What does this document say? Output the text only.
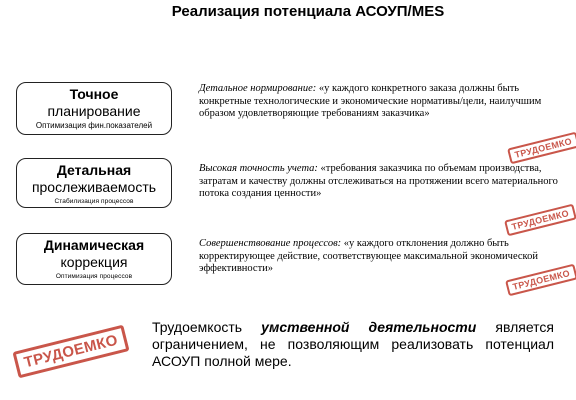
Реализация потенциала АСОУП/MES
Точное
планирование
Оптимизация фин.показателей
Детальное нормирование: «у каждого конкретного заказа должны быть конкретные технологические и экономические нормативы/цели, наилучшим образом удовлетворяющие требованиям заказчика»
ТРУДОЕМКО
Детальная
прослеживаемость
Стабилизация процессов
Высокая точность учета: «требования заказчика по объемам производства, затратам и качеству должны отслеживаться на протяжении всего материального потока создания ценности»
ТРУДОЕМКО
Динамическая
коррекция
Оптимизация процессов
Совершенствование процессов: «у каждого отклонения должно быть корректирующее действие, соответствующее максимальной экономической эффективности»	ТРУДОЕМКО
ТРУДОЕМКО
Трудоемкость умственной деятельности является ограничением, не позволяющим реализовать потенциал АСОУП полной мере.
